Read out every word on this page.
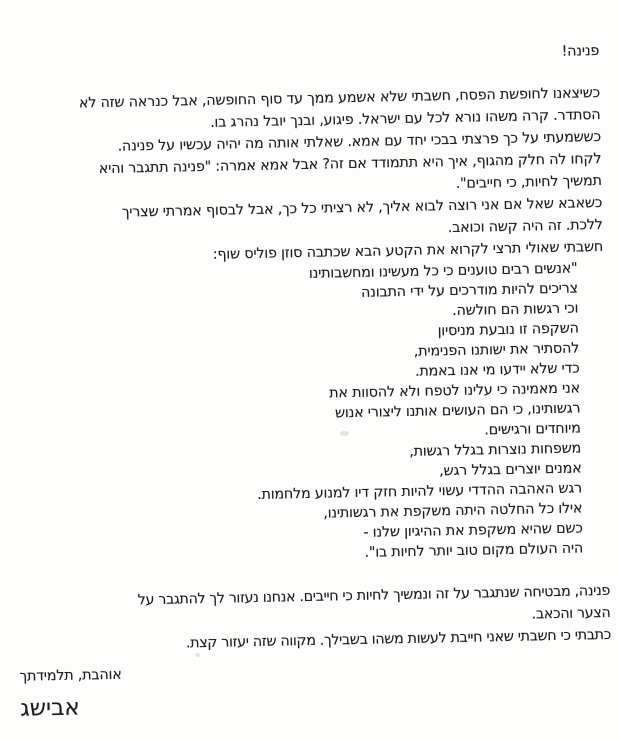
פנינה!
כשיצאנו לחופשת הפסח, חשבתי שלא אשמע ממך עד סוף החופשה, אבל כנראה שזה לא
הסתדר. קרה משהו נורא לכל עם ישראל. פיגוע, ובנך יובל נהרג בו.
כששמעתי על כך פרצתי בבכי יחד עם אמא. שאלתי אותה מה יהיה עכשיו על פנינה.
לקחו לה חלק מהגוף, איך היא תתמודד אם זה? אבל אמא אמרה: "פנינה תתגבר והיא
תמשיך לחיות, כי חייבים".
כשאבא שאל אם אני רוצה לבוא אליך, לא רציתי כל כך, אבל לבסוף אמרתי שצריך
ללכת. זה היה קשה וכואב.
חשבתי שאולי תרצי לקרוא את הקטע הבא שכתבה סוזן פוליס שוף:
"אנשים רבים טוענים כי כל מעשינו ומחשבותינו
צריכים להיות מודרכים על ידי התבונה
וכי רגשות הם חולשה.
השקפה זו נובעת מניסיון
להסתיר את ישותנו הפנימית,
כדי שלא יידעו מי אנו באמת.
אני מאמינה כי עלינו לטפח ולא להסוות את
רגשותינו, כי הם העושים אותנו ליצורי אנוש
מיוחדים ורגישים.
משפחות נוצרות בגלל רגשות,
אמנים יוצרים בגלל רגש,
רגש האהבה ההדדי עשוי להיות חזק דיו למנוע מלחמות.
אילו כל החלטה היתה משקפת את רגשותינו,
כשם שהיא משקפת את ההיגיון שלנו -
היה העולם מקום טוב יותר לחיות בו".
פנינה, מבטיחה שנתגבר על זה ונמשיך לחיות כי חייבים. אנחנו נעזור לך להתגבר על
הצער והכאב.
כתבתי כי חשבתי שאני חייבת לעשות משהו בשבילך. מקווה שזה יעזור קצת.
אוהבת, תלמידתך
אבישג
